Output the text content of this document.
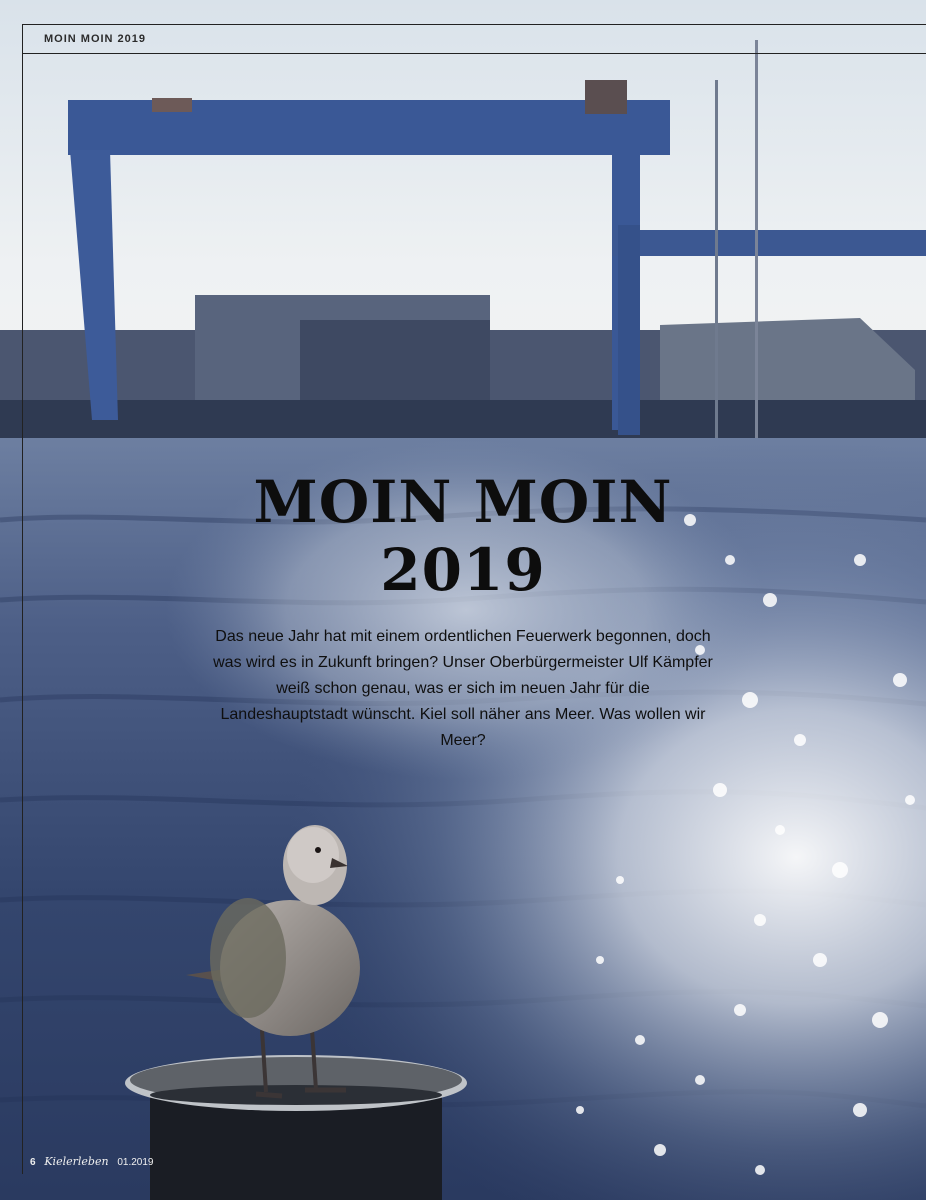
MOIN MOIN 2019
MOIN MOIN
2019
Das neue Jahr hat mit einem ordentlichen Feuerwerk begonnen, doch was wird es in Zukunft bringen? Unser Oberbürgermeister Ulf Kämpfer weiß schon genau, was er sich im neuen Jahr für die Landeshauptstadt wünscht. Kiel soll näher ans Meer. Was wollen wir Meer?
6 Kielerleben 01.2019
